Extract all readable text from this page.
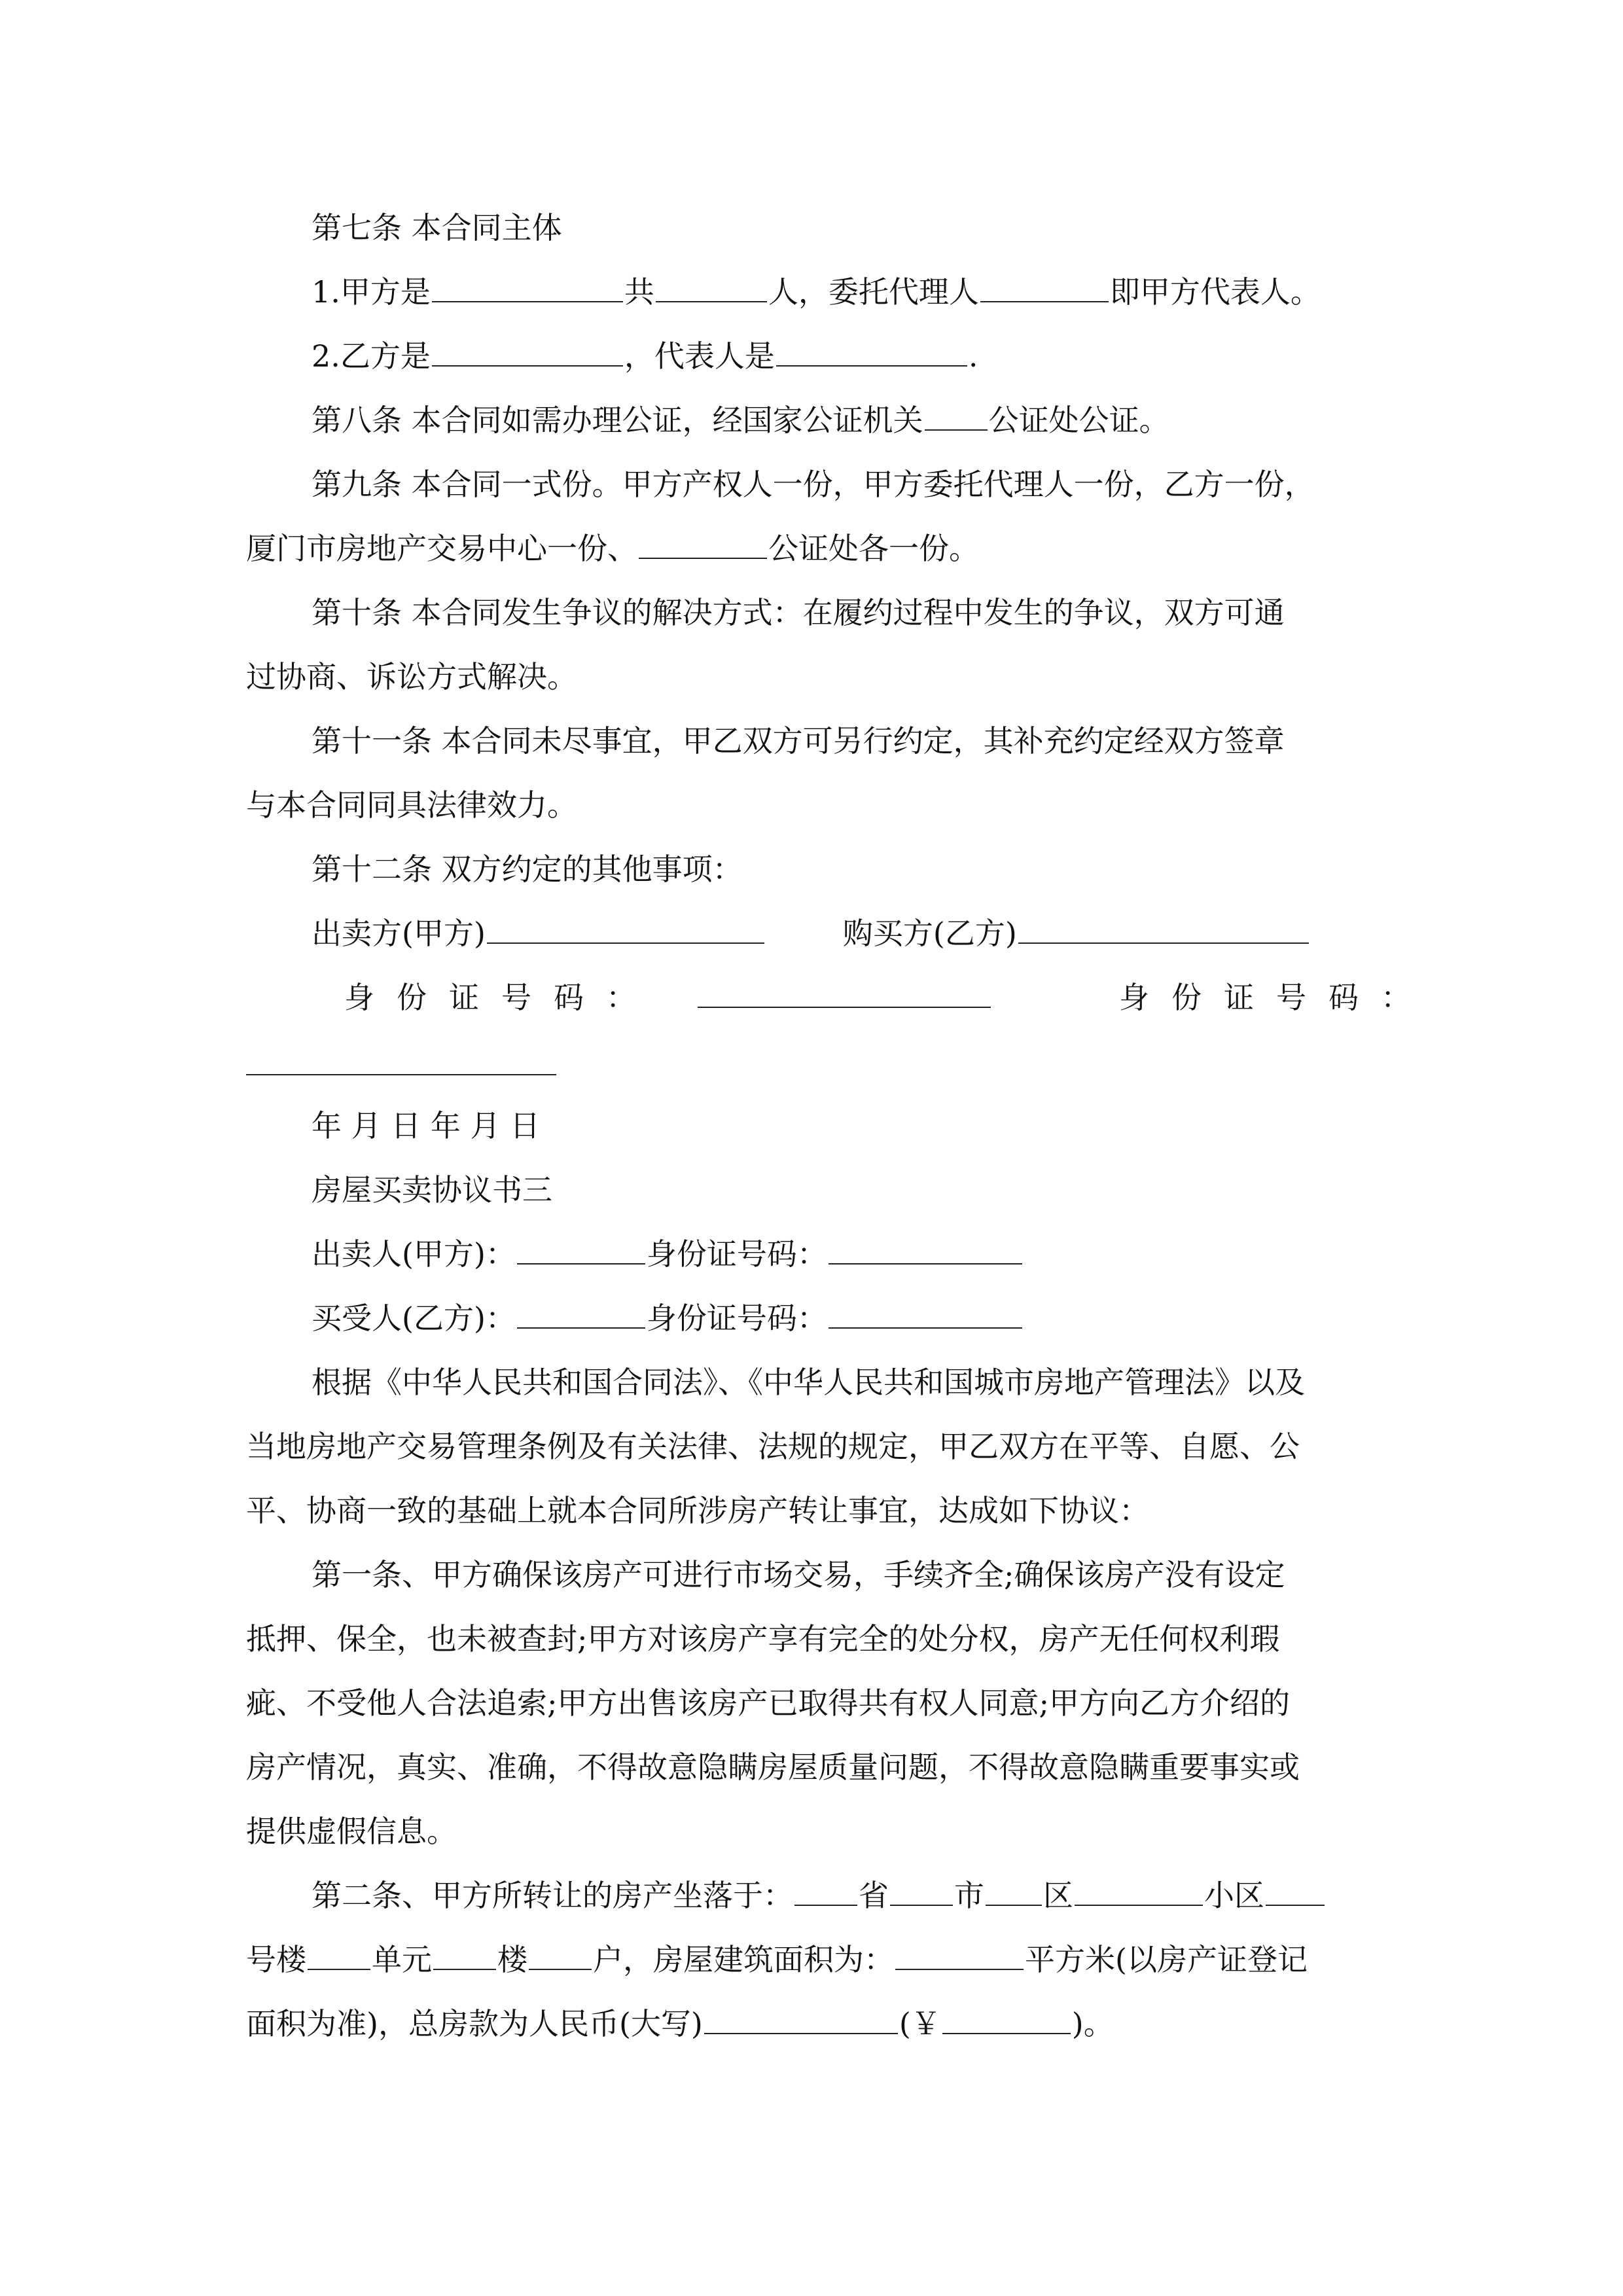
第七条 本合同主体
1.甲方是	共	人，委托代理人	即甲方代表人。
2.乙方是	，代表人是	.
第八条 本合同如需办理公证，经国家公证机关 公证处公证。
第九条 本合同一式份。甲方产权人一份，甲方委托代理人一份，乙方一份，
厦门市房地产交易中心一份、	公证处各一份。
第十条 本合同发生争议的解决方式：在履约过程中发生的争议，双方可通
过协商、诉讼方式解决。
第十一条 本合同未尽事宜，甲乙双方可另行约定，其补充约定经双方签章
与本合同同具法律效力。
第十二条 双方约定的其他事项：
出卖方(甲方)	购买方(乙方)
身份证号码：	身份证号码：
年 月 日 年 月 日
房屋买卖协议书三
出卖人(甲方)：	身份证号码：
买受人(乙方)：	身份证号码：
根据《中华人民共和国合同法》、《中华人民共和国城市房地产管理法》以及
当地房地产交易管理条例及有关法律、法规的规定，甲乙双方在平等、自愿、公
平、协商一致的基础上就本合同所涉房产转让事宜，达成如下协议：
第一条、甲方确保该房产可进行市场交易，手续齐全;确保该房产没有设定
抵押、保全，也未被查封;甲方对该房产享有完全的处分权，房产无任何权利瑕
疵、不受他人合法追索;甲方出售该房产已取得共有权人同意;甲方向乙方介绍的
房产情况，真实、准确，不得故意隐瞒房屋质量问题，不得故意隐瞒重要事实或
提供虚假信息。
第二条、甲方所转让的房产坐落于： 省 市 区	小区
号楼 单元 楼 户，房屋建筑面积为：	平方米(以房产证登记
面积为准)，总房款为人民币(大写)	(￥	)。
